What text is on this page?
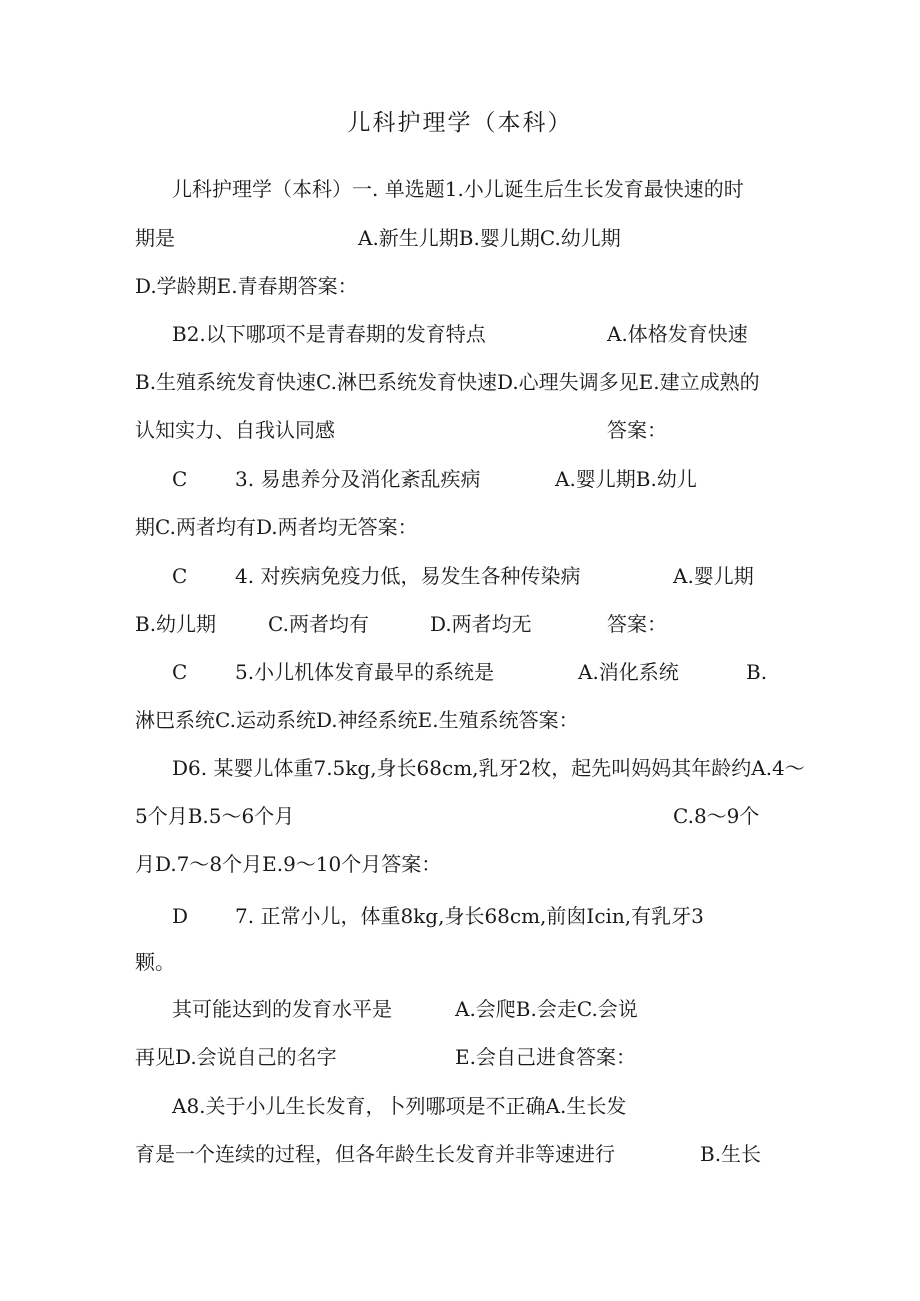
儿科护理学（本科）
儿科护理学（本科）一. 单选题1.小儿诞生后生长发育最快速的时
期是	A.新生儿期B.婴儿期C.幼儿期
D.学龄期E.青春期答案：
B2.以下哪项不是青春期的发育特点	A.体格发育快速
B.生殖系统发育快速C.淋巴系统发育快速D.心理失调多见E.建立成熟的
认知实力、自我认同感	答案：
C 3. 易患养分及消化紊乱疾病	A.婴儿期B.幼儿
期C.两者均有D.两者均无答案：
C 4. 对疾病免疫力低，易发生各种传染病	A.婴儿期
B.幼儿期	C.两者均有	D.两者均无	答案：
C 5.小儿机体发育最早的系统是	A.消化系统	B.
淋巴系统C.运动系统D.神经系统E.生殖系统答案：
D6. 某婴儿体重7.5kg,身长68cm,乳牙2枚，起先叫妈妈其年龄约A.4〜
5个月B.5〜6个月	C.8〜9个
月D.7〜8个月E.9〜10个月答案：
D 7. 正常小儿，体重8kg,身长68cm,前囱Icin,有乳牙3
颗。
其可能达到的发育水平是	A.会爬B.会走C.会说
再见D.会说自己的名字	E.会自己进食答案：
A8.关于小儿生长发育，卜列哪项是不正确A.生长发
育是一个连续的过程，但各年龄生长发育并非等速进行	B.生长
